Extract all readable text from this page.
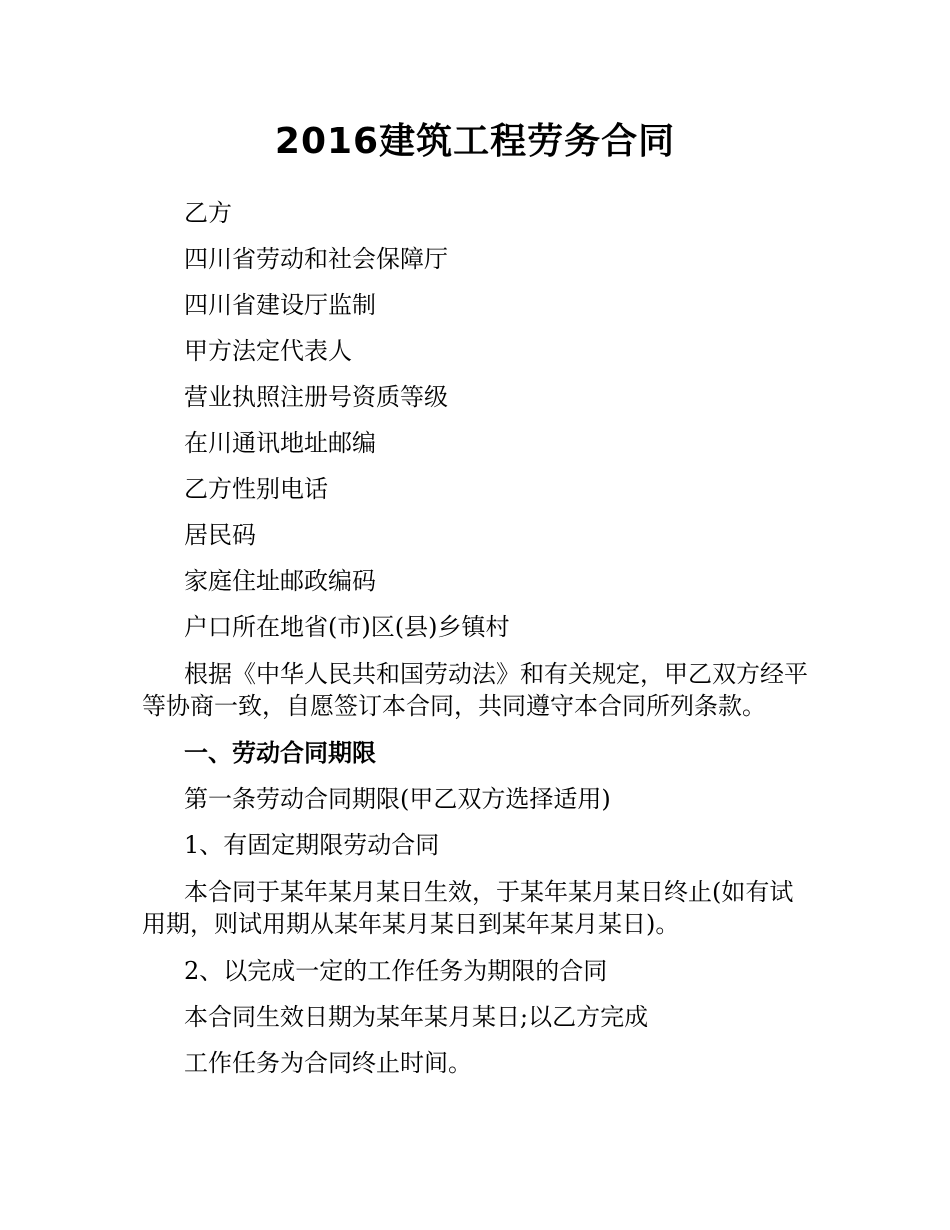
2016建筑工程劳务合同

乙方

四川省劳动和社会保障厅

四川省建设厅监制

甲方法定代表人

营业执照注册号资质等级

在川通讯地址邮编

乙方性别电话

居民码

家庭住址邮政编码

户口所在地省(市)区(县)乡镇村

根据《中华人民共和国劳动法》和有关规定，甲乙双方经平等协商一致，自愿签订本合同，共同遵守本合同所列条款。

一、劳动合同期限

第一条劳动合同期限(甲乙双方选择适用)

1、有固定期限劳动合同

本合同于某年某月某日生效，于某年某月某日终止(如有试用期，则试用期从某年某月某日到某年某月某日)。

2、以完成一定的工作任务为期限的合同

本合同生效日期为某年某月某日;以乙方完成

工作任务为合同终止时间。
